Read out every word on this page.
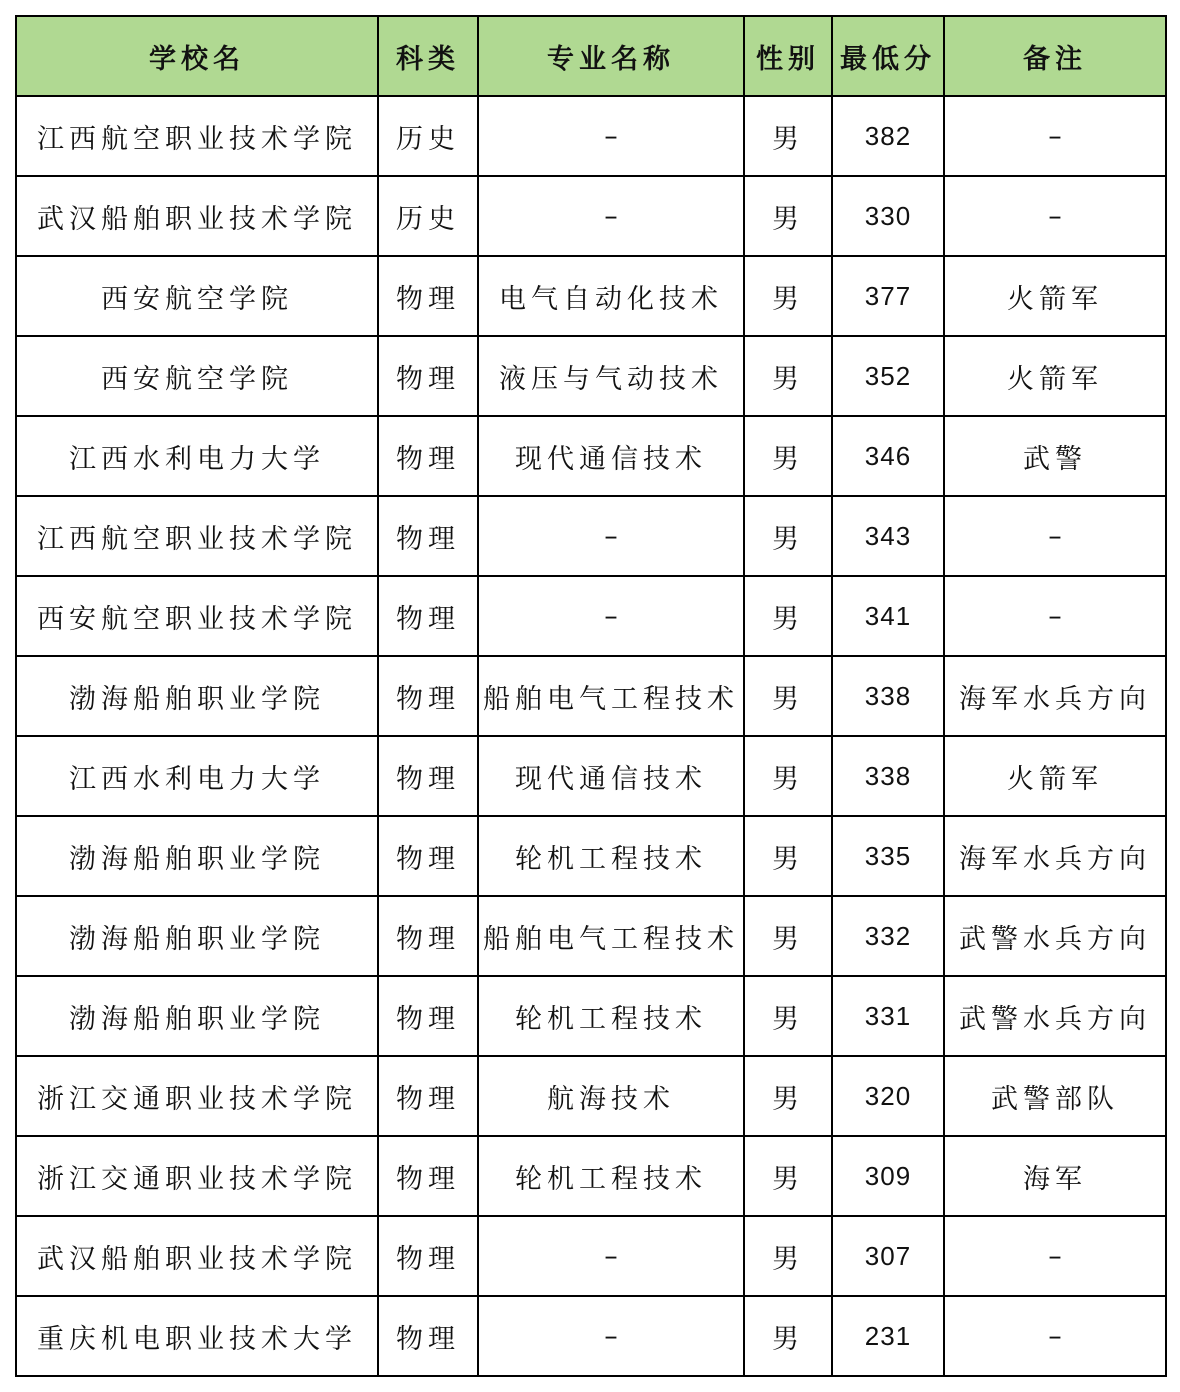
学校名	科类	专业名称	性别	最低分	备注
江西航空职业技术学院	历史	–	男	382	–
武汉船舶职业技术学院	历史	–	男	330	–
西安航空学院	物理	电气自动化技术	男	377	火箭军
西安航空学院	物理	液压与气动技术	男	352	火箭军
江西水利电力大学	物理	现代通信技术	男	346	武警
江西航空职业技术学院	物理	–	男	343	–
西安航空职业技术学院	物理	–	男	341	–
渤海船舶职业学院	物理	船舶电气工程技术	男	338	海军水兵方向
江西水利电力大学	物理	现代通信技术	男	338	火箭军
渤海船舶职业学院	物理	轮机工程技术	男	335	海军水兵方向
渤海船舶职业学院	物理	船舶电气工程技术	男	332	武警水兵方向
渤海船舶职业学院	物理	轮机工程技术	男	331	武警水兵方向
浙江交通职业技术学院	物理	航海技术	男	320	武警部队
浙江交通职业技术学院	物理	轮机工程技术	男	309	海军
武汉船舶职业技术学院	物理	–	男	307	–
重庆机电职业技术大学	物理	–	男	231	–
